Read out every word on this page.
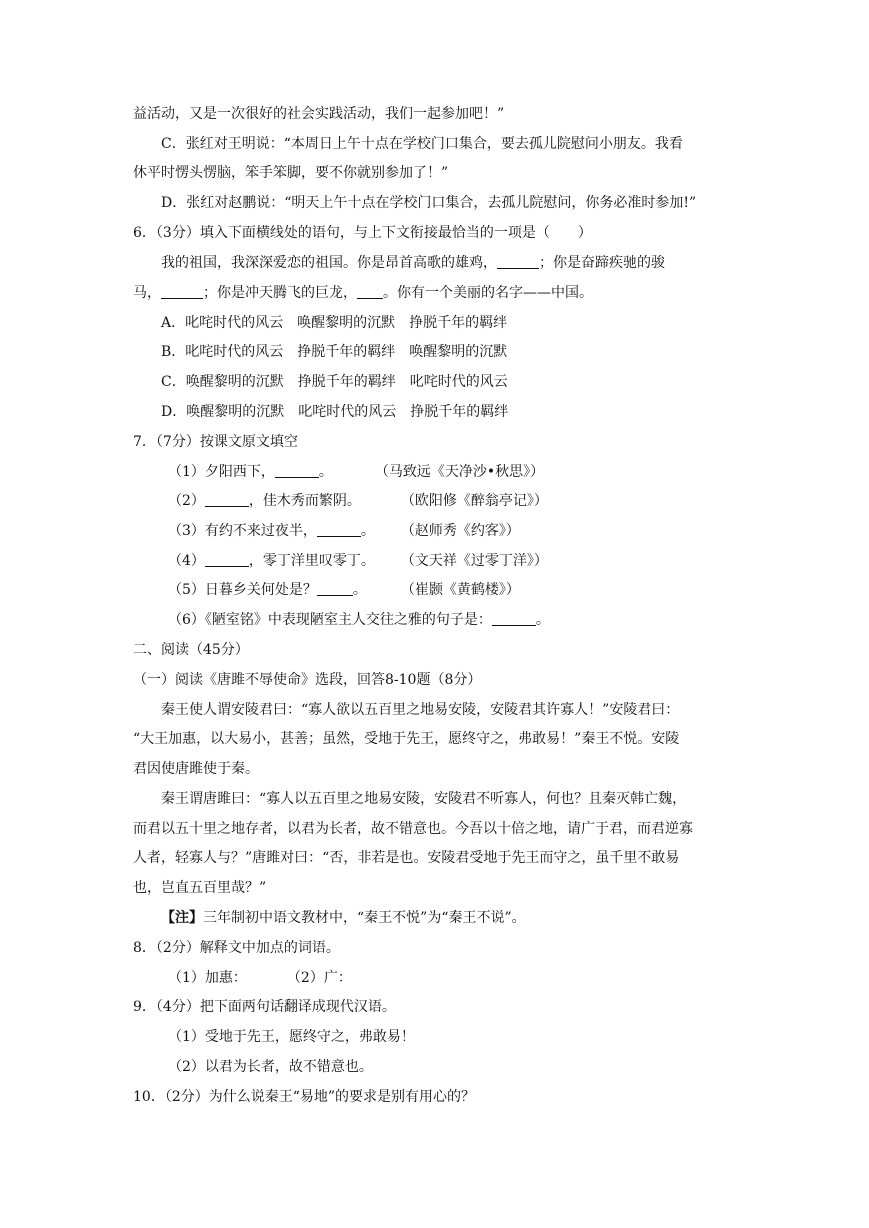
益活动，又是一次很好的社会实践活动，我们一起参加吧！”
C．张红对王明说：“本周日上午十点在学校门口集合，要去孤儿院慰问小朋友。我看
休平时愣头愣脑，笨手笨脚，要不你就别参加了！”
D．张红对赵鹏说：“明天上午十点在学校门口集合，去孤儿院慰问，你务必准时参加!”
6．（3分）填入下面横线处的语句，与上下文衔接最恰当的一项是（　　）
我的祖国，我深深爱恋的祖国。你是昂首高歌的雄鸡，	；你是奋蹄疾驰的骏
马，	；你是冲天腾飞的巨龙， 。你有一个美丽的名字——中国。
A．叱咤时代的风云　唤醒黎明的沉默　挣脱千年的羁绊
B．叱咤时代的风云　挣脱千年的羁绊　唤醒黎明的沉默
C．唤醒黎明的沉默　挣脱千年的羁绊　叱咤时代的风云
D．唤醒黎明的沉默　叱咤时代的风云　挣脱千年的羁绊
7．（7分）按课文原文填空
（1）夕阳西下，	。	（马致远《天净沙•秋思》）
（2）	，佳木秀而繁阴。	（欧阳修《醉翁亭记》）
（3）有约不来过夜半，	。 （赵师秀《约客》）
（4）	，零丁洋里叹零丁。 （文天祥《过零丁洋》）
（5）日暮乡关何处是？	。 （崔颢《黄鹤楼》）
（6）《陋室铭》中表现陋室主人交往之雅的句子是：	。
二、阅读（45分）
（一）阅读《唐雎不辱使命》选段，回答8-10题（8分）
秦王使人谓安陵君曰：“寡人欲以五百里之地易安陵，安陵君其许寡人！”安陵君曰：
“大王加惠，以大易小，甚善；虽然，受地于先王，愿终守之，弗敢易！”秦王不悦。安陵
君因使唐雎使于秦。
秦王谓唐雎曰：“寡人以五百里之地易安陵，安陵君不听寡人，何也？且秦灭韩亡魏，
而君以五十里之地存者，以君为长者，故不错意也。今吾以十倍之地，请广于君，而君逆寡
人者，轻寡人与？”唐雎对曰：“否，非若是也。安陵君受地于先王而守之，虽千里不敢易
也，岂直五百里哉？”
【注】三年制初中语文教材中，“秦王不悦”为“秦王不说”。
8．（2分）解释文中加点的词语。
（1）加惠：	（2）广：
9．（4分）把下面两句话翻译成现代汉语。
（1）受地于先王，愿终守之，弗敢易！
（2）以君为长者，故不错意也。
10．（2分）为什么说秦王“易地”的要求是别有用心的？
